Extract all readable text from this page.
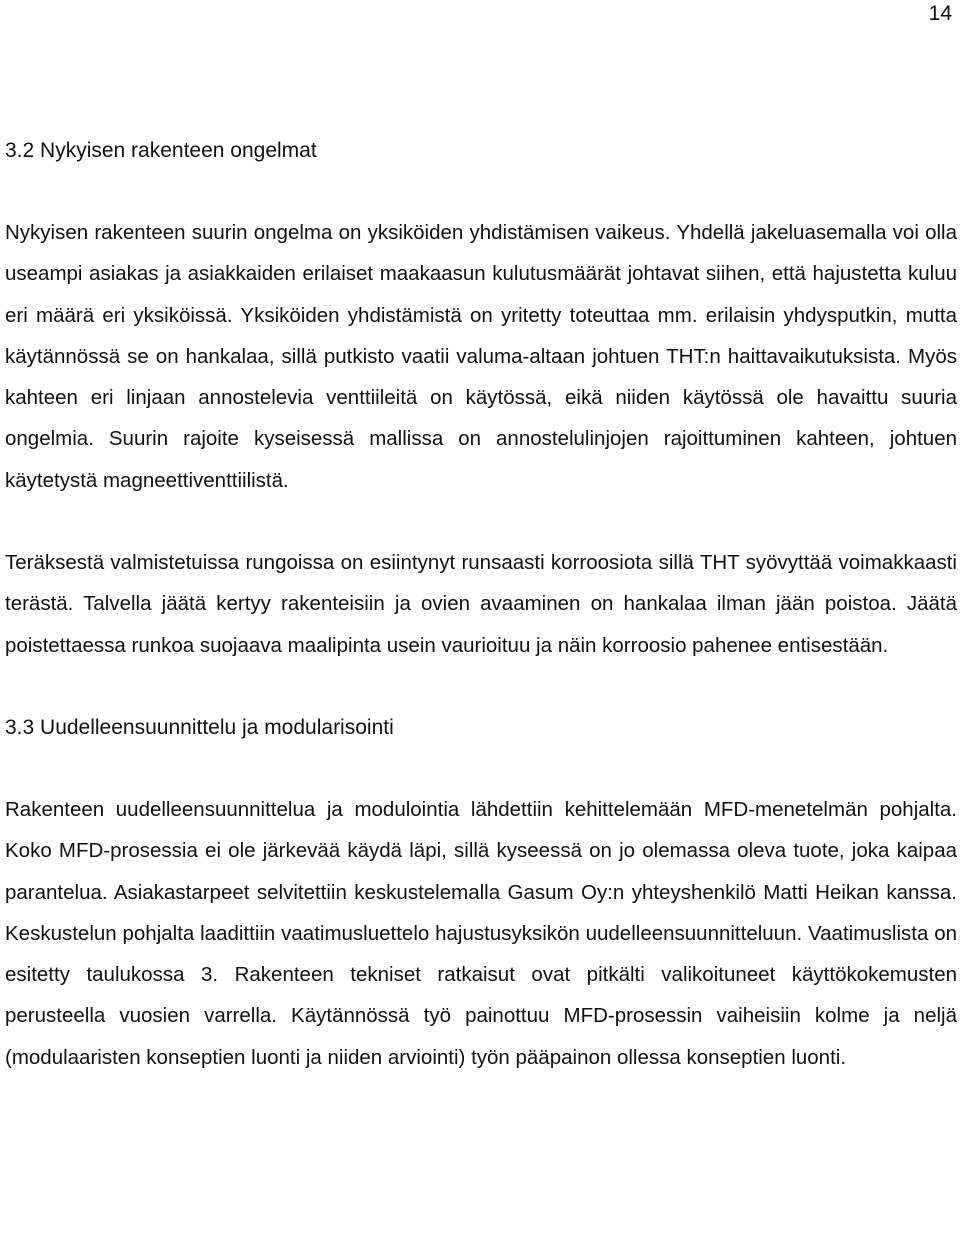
14
3.2 Nykyisen rakenteen ongelmat

Nykyisen rakenteen suurin ongelma on yksiköiden yhdistämisen vaikeus. Yhdellä jakeluasemalla voi olla useampi asiakas ja asiakkaiden erilaiset maakaasun kulutusmäärät johtavat siihen, että hajustetta kuluu eri määrä eri yksiköissä. Yksiköiden yhdistämistä on yritetty toteuttaa mm. erilaisin yhdysputkin, mutta käytännössä se on hankalaa, sillä putkisto vaatii valuma-altaan johtuen THT:n haittavaikutuksista. Myös kahteen eri linjaan annostelevia venttiileitä on käytössä, eikä niiden käytössä ole havaittu suuria ongelmia. Suurin rajoite kyseisessä mallissa on annostelulinjojen rajoittuminen kahteen, johtuen käytetystä magneettiventtiilistä.

Teräksestä valmistetuissa rungoissa on esiintynyt runsaasti korroosiota sillä THT syövyttää voimakkaasti terästä. Talvella jäätä kertyy rakenteisiin ja ovien avaaminen on hankalaa ilman jään poistoa. Jäätä poistettaessa runkoa suojaava maalipinta usein vaurioituu ja näin korroosio pahenee entisestään.

3.3 Uudelleensuunnittelu ja modularisointi

Rakenteen uudelleensuunnittelua ja modulointia lähdettiin kehittelemään MFD-menetelmän pohjalta. Koko MFD-prosessia ei ole järkevää käydä läpi, sillä kyseessä on jo olemassa oleva tuote, joka kaipaa parantelua. Asiakastarpeet selvitettiin keskustelemalla Gasum Oy:n yhteyshenkilö Matti Heikan kanssa. Keskustelun pohjalta laadittiin vaatimusluettelo hajustusyksikön uudelleensuunnitteluun. Vaatimuslista on esitetty taulukossa 3. Rakenteen tekniset ratkaisut ovat pitkälti valikoituneet käyttökokemusten perusteella vuosien varrella. Käytännössä työ painottuu MFD-prosessin vaiheisiin kolme ja neljä (modulaaristen konseptien luonti ja niiden arviointi) työn pääpainon ollessa konseptien luonti.
